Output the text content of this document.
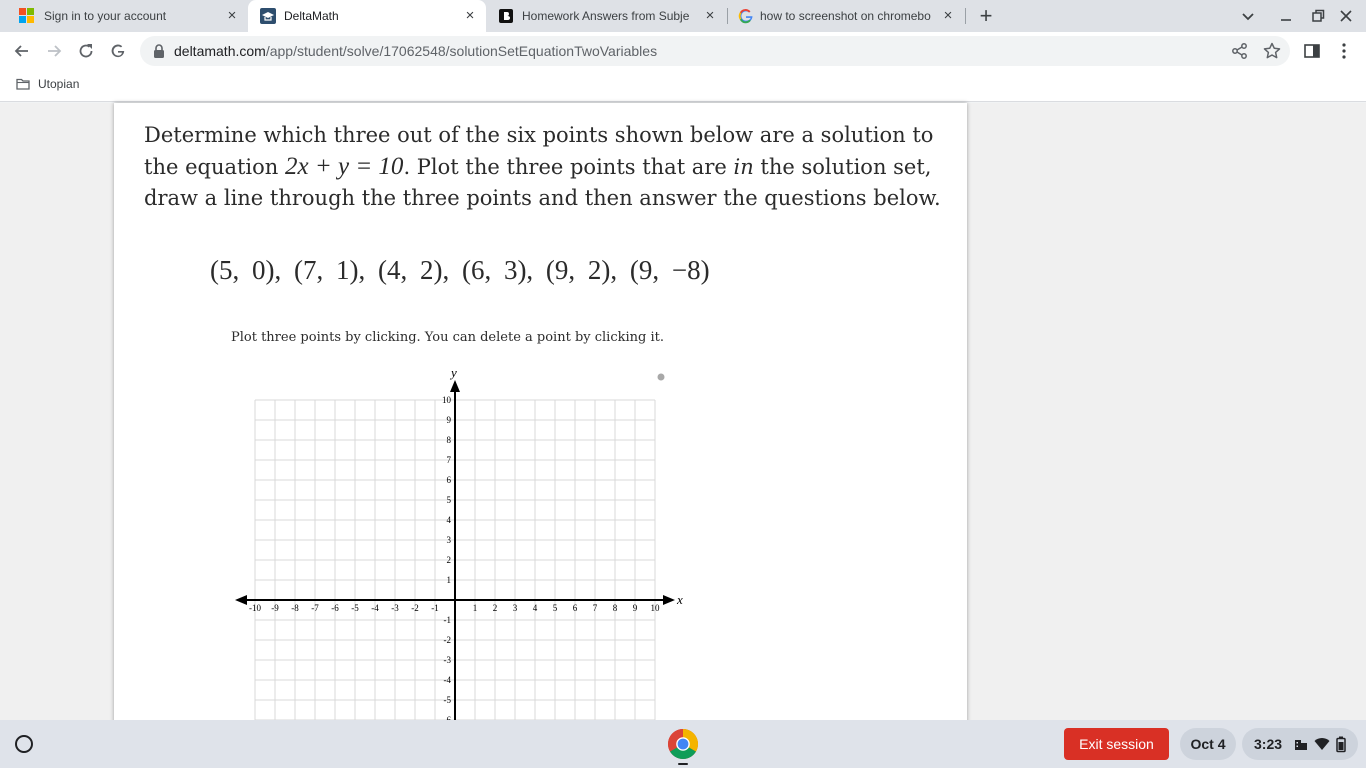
Sign in to your account	×	DeltaMath	×	Homework Answers from Subje	×	how to screenshot on chromebo × +
deltamath.com/app/student/solve/17062548/solutionSetEquationTwoVariables
Utopian
Determine which three out of the six points shown below are a solution to the equation 2x + y = 10. Plot the three points that are in the solution set, draw a line through the three points and then answer the questions below.
(5, 0), (7, 1), (4, 2), (6, 3), (9, 2), (9, −8)
Plot three points by clicking. You can delete a point by clicking it.
-10 -9 -8 -7 -6 -5 -4 -3 -2 -1	1 2 3 4 5 6 7 8 9 10
-5
-4
-3
-2
-1
1
2
3
4
5
6
7
8
9
10
x
y
Exit session	Oct 4	3:23
